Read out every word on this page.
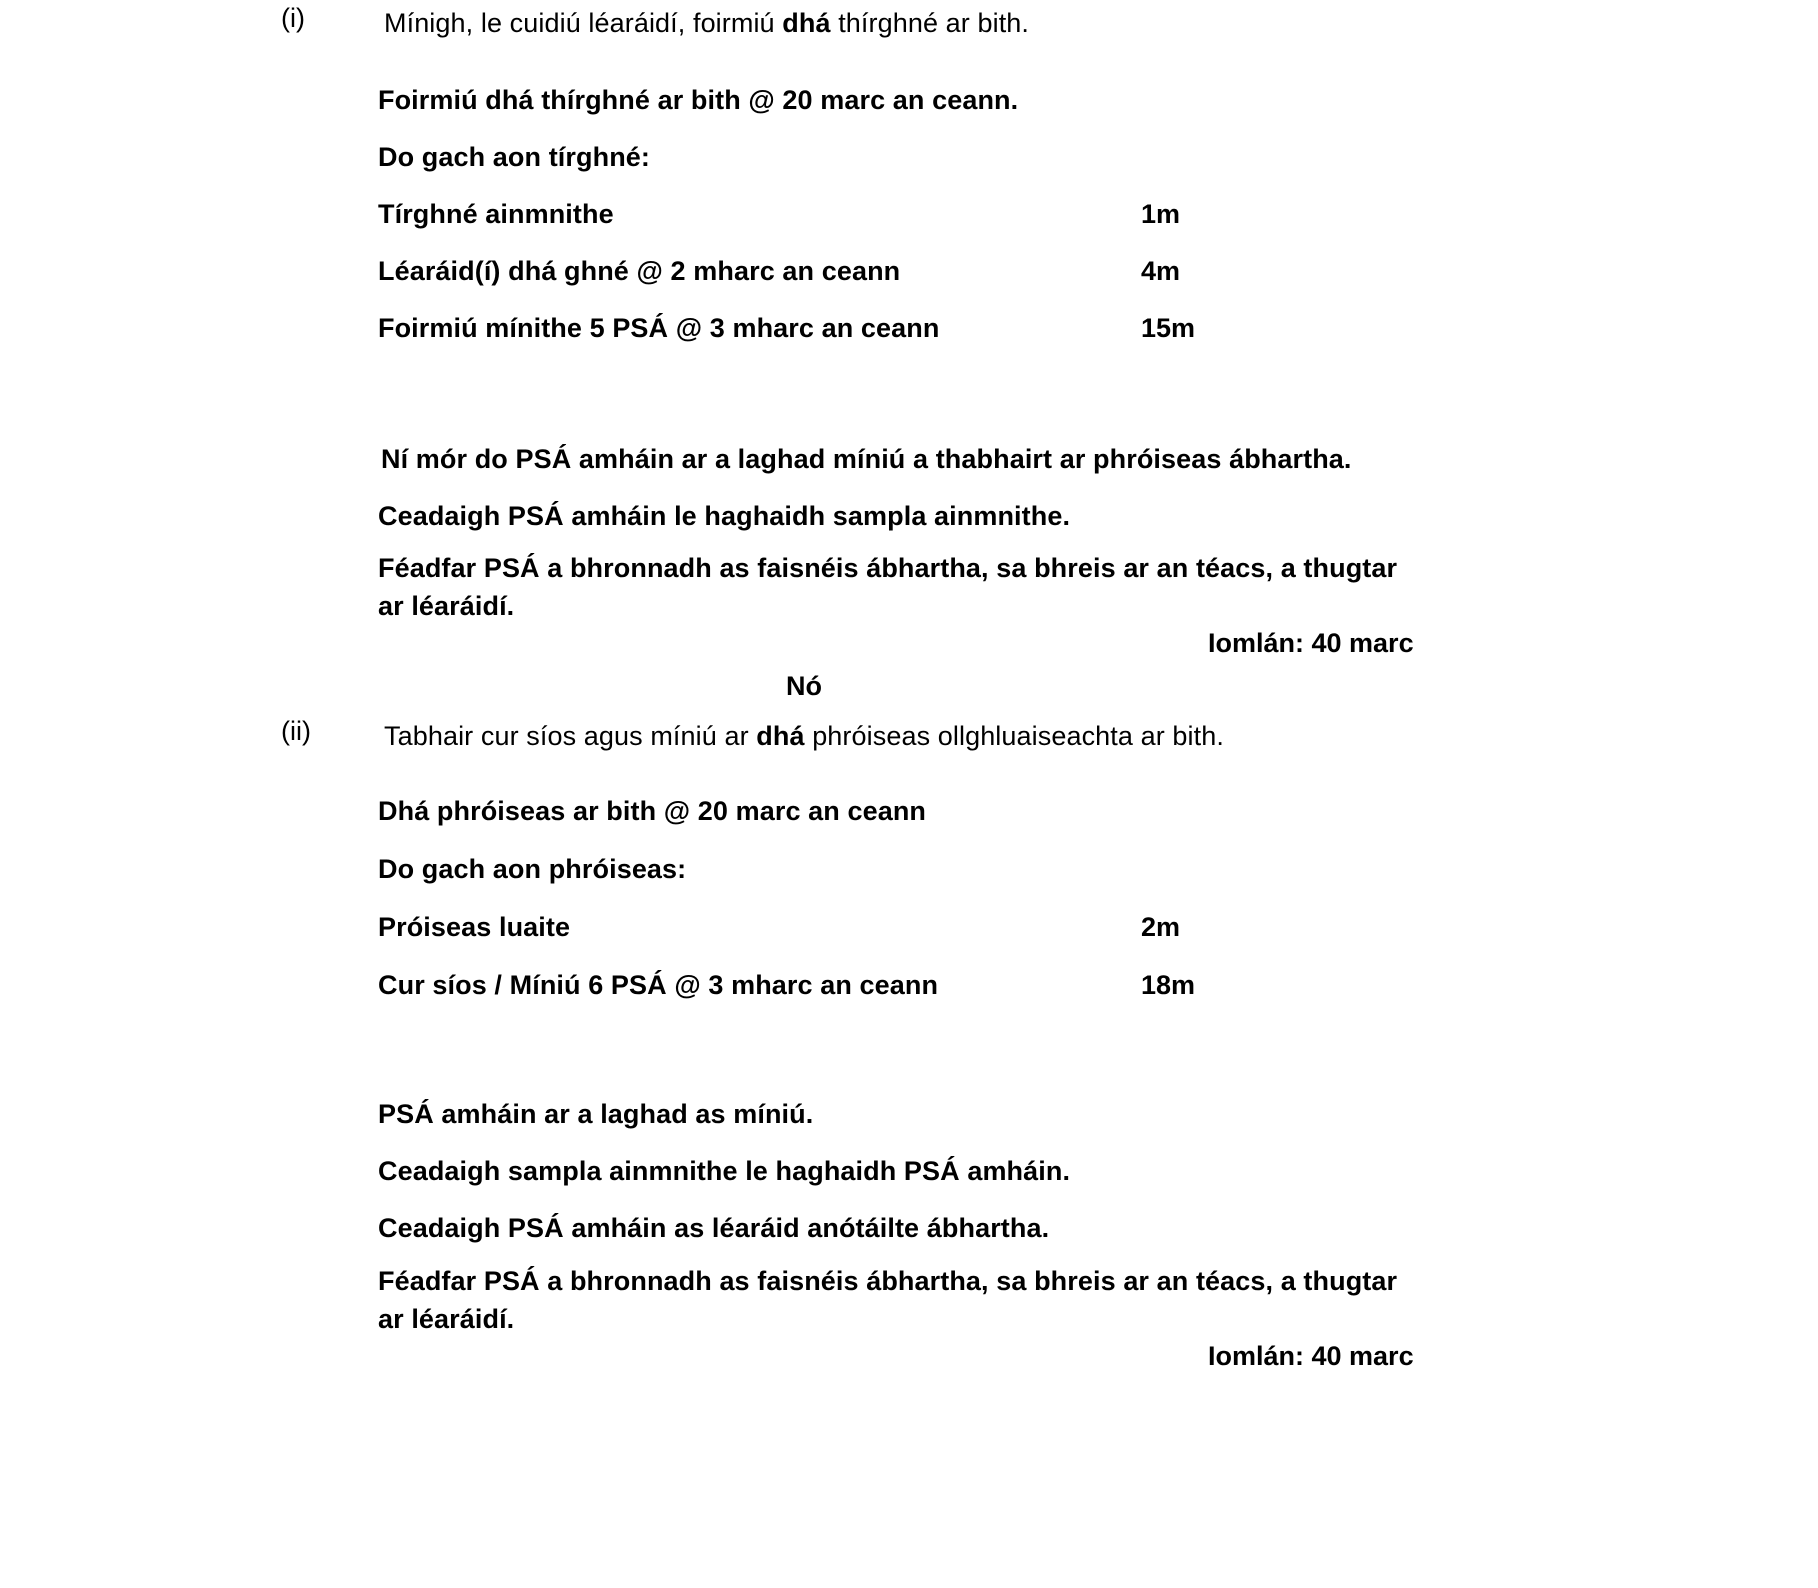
(i)	Mínigh, le cuidiú léaráidí, foirmiú dhá thírghné ar bith.
Foirmiú dhá thírghné ar bith @ 20 marc an ceann.
Do gach aon tírghné:
Tírghné ainmnithe	1m
Léaráid(í) dhá ghné @ 2 mharc an ceann	4m
Foirmiú mínithe 5 PSÁ @ 3 mharc an ceann	15m
Ní mór do PSÁ amháin ar a laghad míniú a thabhairt ar phróiseas ábhartha.
Ceadaigh PSÁ amháin le haghaidh sampla ainmnithe.
Féadfar PSÁ a bhronnadh as faisnéis ábhartha, sa bhreis ar an téacs, a thugtar ar léaráidí.
Iomlán: 40 marc
Nó
(ii)	Tabhair cur síos agus míniú ar dhá phróiseas ollghluaiseachta ar bith.
Dhá phróiseas ar bith @ 20 marc an ceann
Do gach aon phróiseas:
Próiseas luaite	2m
Cur síos / Míniú 6 PSÁ @ 3 mharc an ceann	18m
PSÁ amháin ar a laghad as míniú.
Ceadaigh sampla ainmnithe le haghaidh PSÁ amháin.
Ceadaigh PSÁ amháin as léaráid anótáilte ábhartha.
Féadfar PSÁ a bhronnadh as faisnéis ábhartha, sa bhreis ar an téacs, a thugtar ar léaráidí.
Iomlán: 40 marc
